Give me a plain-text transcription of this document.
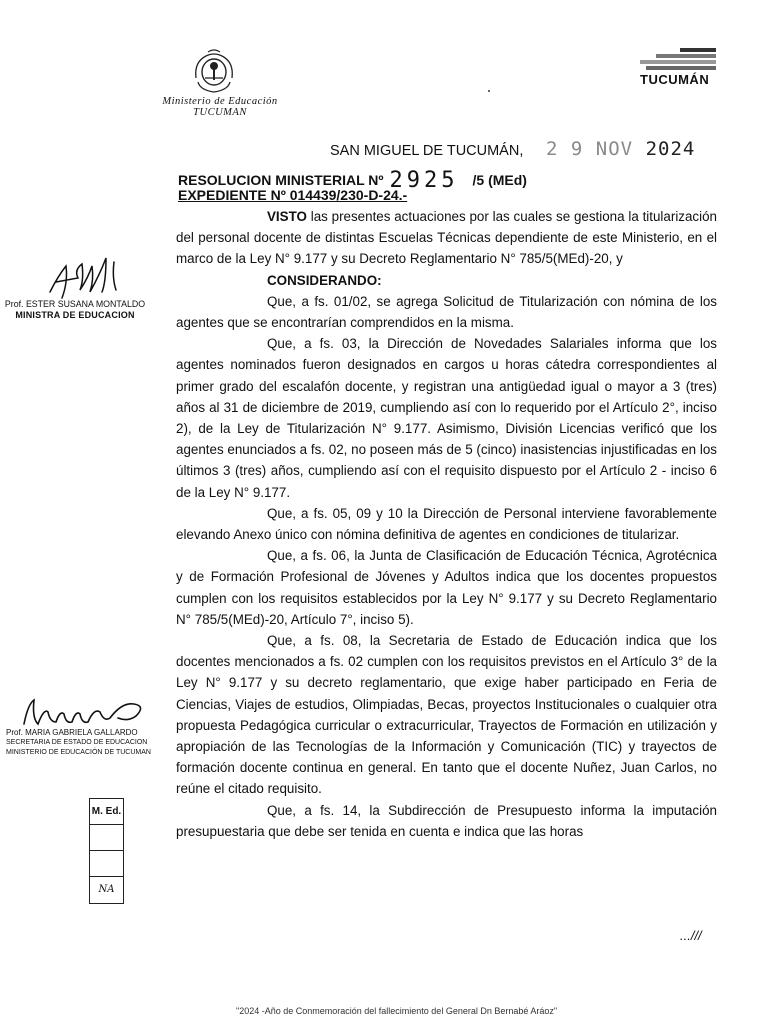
Ministerio de Educación
TUCUMAN
TUCUMÁN
SAN MIGUEL DE TUCUMÁN, 2 9 NOV 2024
RESOLUCION MINISTERIAL Nº 2925 /5 (MEd)
EXPEDIENTE Nº 014439/230-D-24.-

VISTO las presentes actuaciones por las cuales se gestiona la titularización del personal docente de distintas Escuelas Técnicas dependiente de este Ministerio, en el marco de la Ley N° 9.177 y su Decreto Reglamentario N° 785/5(MEd)-20, y

CONSIDERANDO:

Que, a fs. 01/02, se agrega Solicitud de Titularización con nómina de los agentes que se encontrarían comprendidos en la misma.

Que, a fs. 03, la Dirección de Novedades Salariales informa que los agentes nominados fueron designados en cargos u horas cátedra correspondientes al primer grado del escalafón docente, y registran una antigüedad igual o mayor a 3 (tres) años al 31 de diciembre de 2019, cumpliendo así con lo requerido por el Artículo 2°, inciso 2), de la Ley de Titularización N° 9.177. Asimismo, División Licencias verificó que los agentes enunciados a fs. 02, no poseen más de 5 (cinco) inasistencias injustificadas en los últimos 3 (tres) años, cumpliendo así con el requisito dispuesto por el Artículo 2 - inciso 6 de la Ley N° 9.177.

Que, a fs. 05, 09 y 10 la Dirección de Personal interviene favorablemente elevando Anexo único con nómina definitiva de agentes en condiciones de titularizar.

Que, a fs. 06, la Junta de Clasificación de Educación Técnica, Agrotécnica y de Formación Profesional de Jóvenes y Adultos indica que los docentes propuestos cumplen con los requisitos establecidos por la Ley N° 9.177 y su Decreto Reglamentario N° 785/5(MEd)-20, Artículo 7°, inciso 5).

Que, a fs. 08, la Secretaria de Estado de Educación indica que los docentes mencionados a fs. 02 cumplen con los requisitos previstos en el Artículo 3° de la Ley N° 9.177 y su decreto reglamentario, que exige haber participado en Feria de Ciencias, Viajes de estudios, Olimpiadas, Becas, proyectos Institucionales o cualquier otra propuesta Pedagógica curricular o extracurricular, Trayectos de Formación en utilización y apropiación de las Tecnologías de la Información y Comunicación (TIC) y trayectos de formación docente continua en general. En tanto que el docente Nuñez, Juan Carlos, no reúne el citado requisito.

Que, a fs. 14, la Subdirección de Presupuesto informa la imputación presupuestaria que debe ser tenida en cuenta e indica que las horas

...///
Prof. ESTER SUSANA MONTALDO
MINISTRA DE EDUCACION
Prof. MARIA GABRIELA GALLARDO
SECRETARIA DE ESTADO DE EDUCACION
MINISTERIO DE EDUCACIÓN DE TUCUMAN
M. Ed.
NA
"2024 -Año de Conmemoración del fallecimiento del General Dn Bernabé Aráoz"
